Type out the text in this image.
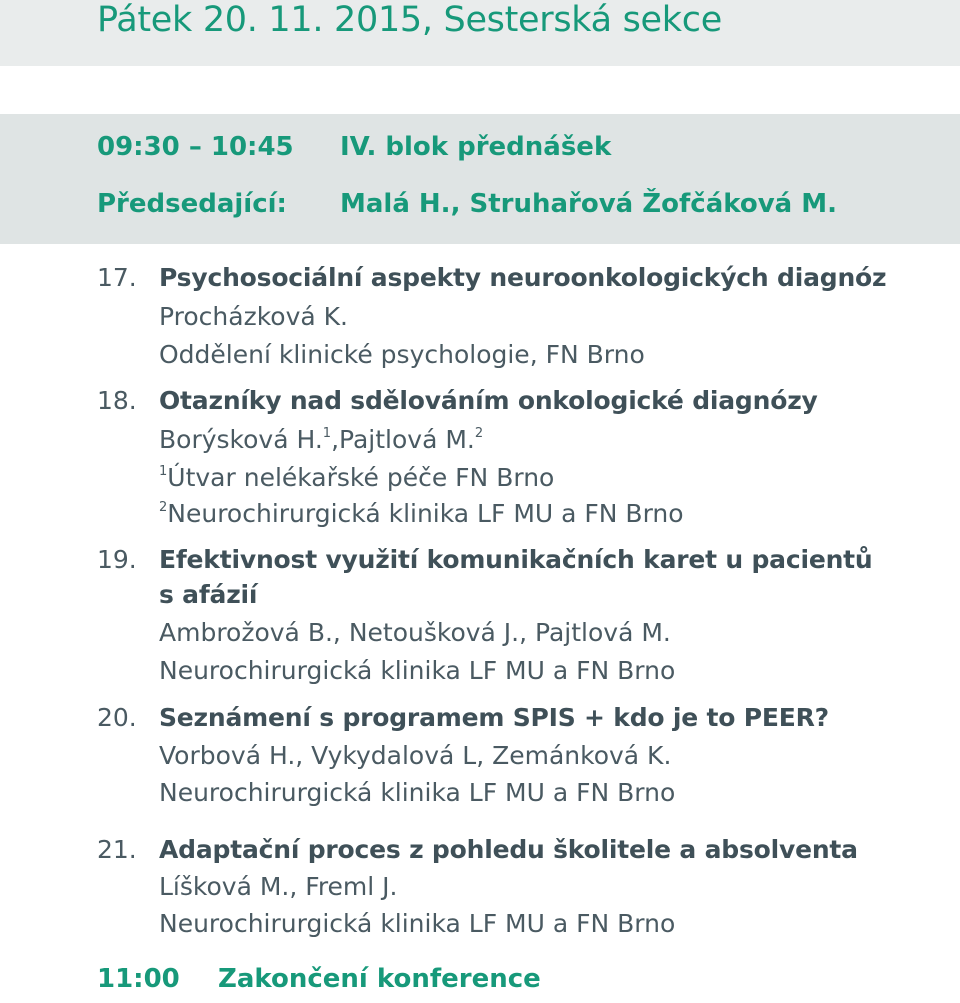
Pátek 20. 11. 2015, Sesterská sekce
09:30 – 10:45 IV. blok přednášek
Předsedající: Malá H., Struhařová Žofčáková M.
17. Psychosociální aspekty neuroonkologických diagnóz
Procházková K.
Oddělení klinické psychologie, FN Brno
18. Otazníky nad sdělováním onkologické diagnózy
Borýsková H.$^1$,Pajtlová M.$^2$
$^1$Útvar nelékařské péče FN Brno
$^2$Neurochirurgická klinika LF MU a FN Brno
19. Efektivnost využití komunikačních karet u pacientů
s afázií
Ambrožová B., Netoušková J., Pajtlová M.
Neurochirurgická klinika LF MU a FN Brno
20. Seznámení s programem SPIS + kdo je to PEER?
Vorbová H., Vykydalová L, Zemánková K.
Neurochirurgická klinika LF MU a FN Brno
21. Adaptační proces z pohledu školitele a absolventa
Líšková M., Freml J.
Neurochirurgická klinika LF MU a FN Brno
11:00 Zakončení konference
